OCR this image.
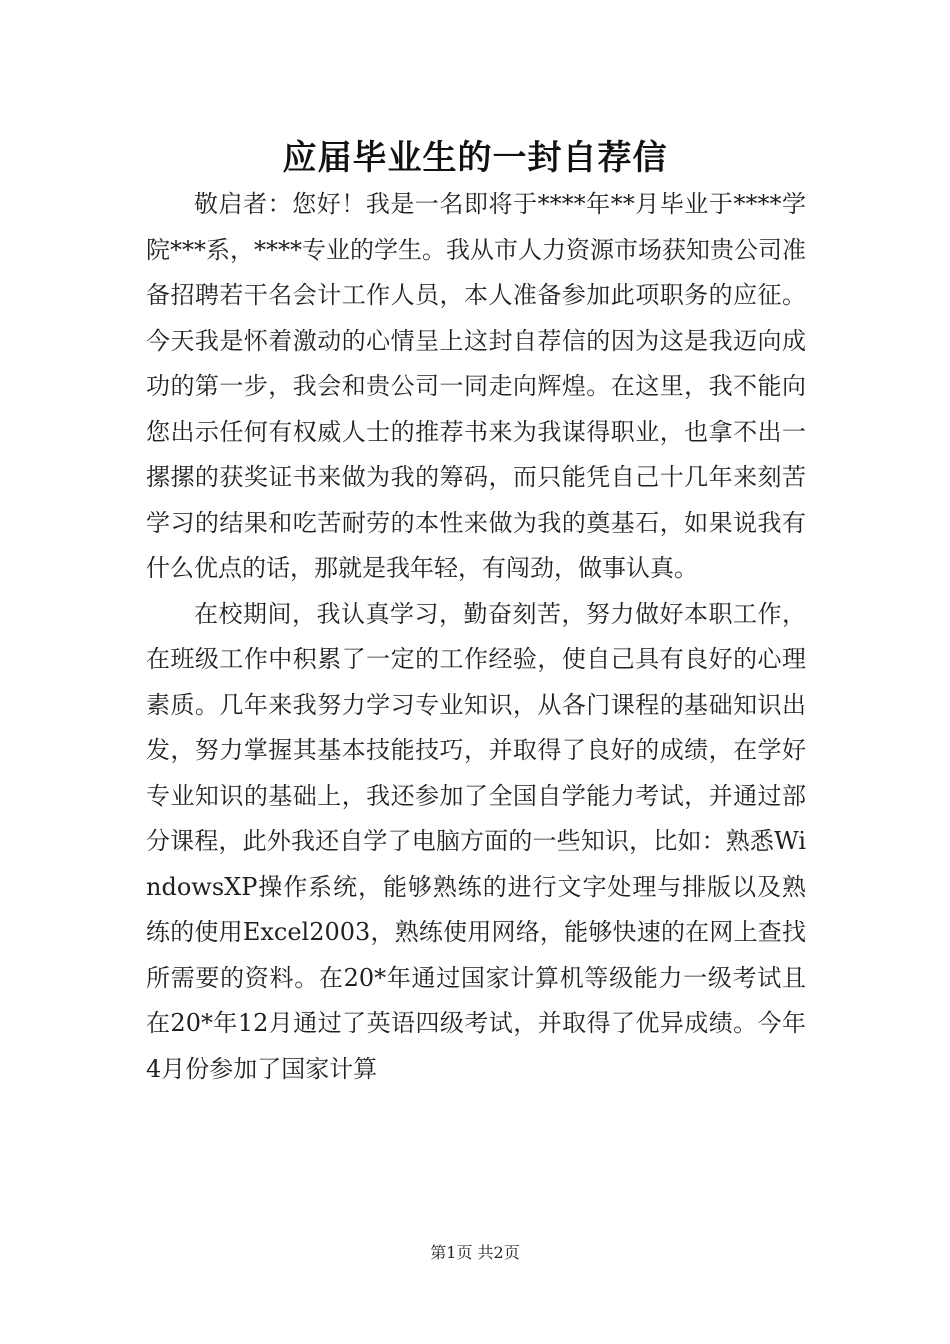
应届毕业生的一封自荐信

敬启者：您好！我是一名即将于****年**月毕业于****学院***系，****专业的学生。我从市人力资源市场获知贵公司准备招聘若干名会计工作人员，本人准备参加此项职务的应征。今天我是怀着激动的心情呈上这封自荐信的因为这是我迈向成功的第一步，我会和贵公司一同走向辉煌。在这里，我不能向您出示任何有权威人士的推荐书来为我谋得职业，也拿不出一摞摞的获奖证书来做为我的筹码，而只能凭自己十几年来刻苦学习的结果和吃苦耐劳的本性来做为我的奠基石，如果说我有什么优点的话，那就是我年轻，有闯劲，做事认真。

在校期间，我认真学习，勤奋刻苦，努力做好本职工作，在班级工作中积累了一定的工作经验，使自己具有良好的心理素质。几年来我努力学习专业知识，从各门课程的基础知识出发，努力掌握其基本技能技巧，并取得了良好的成绩，在学好专业知识的基础上，我还参加了全国自学能力考试，并通过部分课程，此外我还自学了电脑方面的一些知识，比如：熟悉WindowsXP操作系统，能够熟练的进行文字处理与排版以及熟练的使用Excel2003，熟练使用网络，能够快速的在网上查找所需要的资料。在20*年通过国家计算机等级能力一级考试且在20*年12月通过了英语四级考试，并取得了优异成绩。今年4月份参加了国家计算

第1页 共2页
